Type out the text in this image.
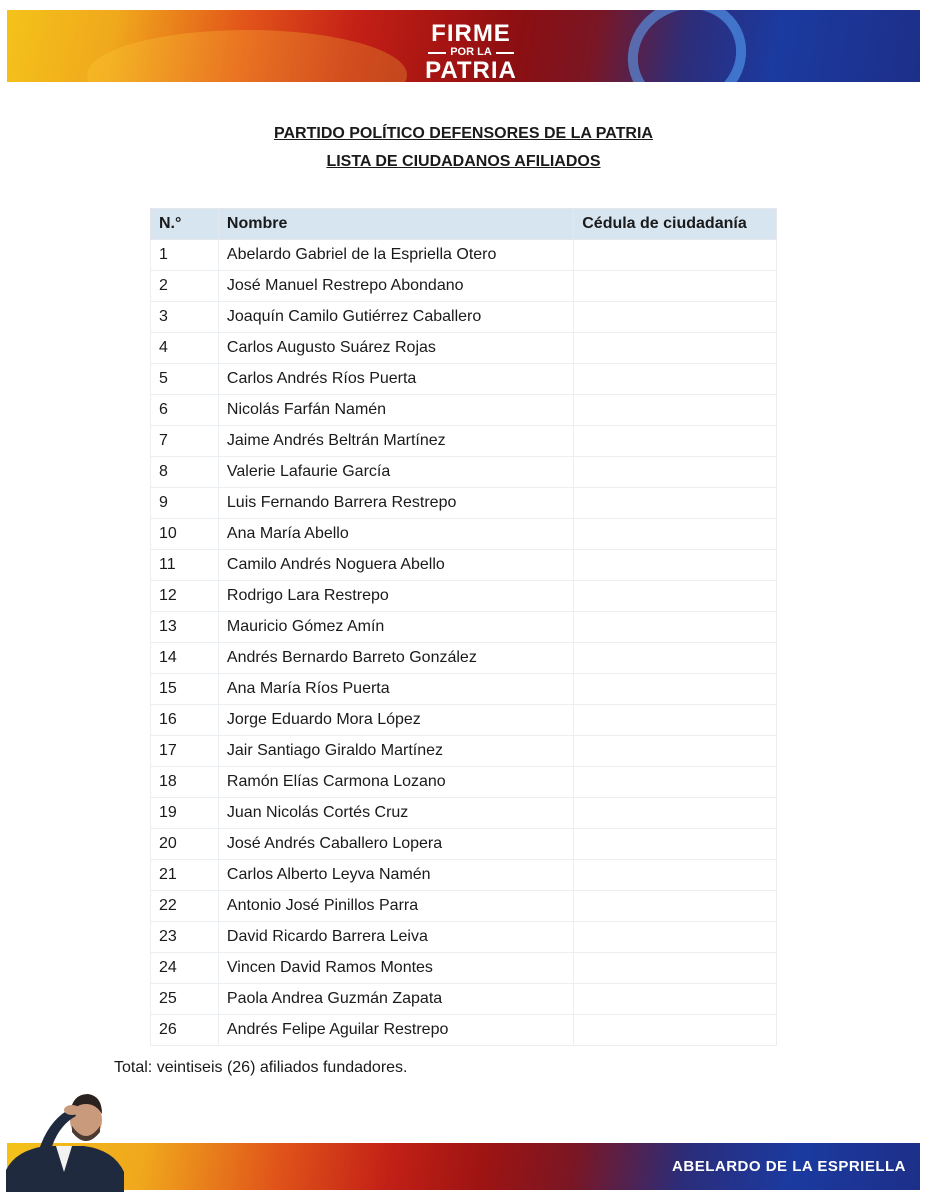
FIRME
POR LA
PATRIA
PARTIDO POLÍTICO DEFENSORES DE LA PATRIA
LISTA DE CIUDADANOS AFILIADOS
N.°	Nombre	Cédula de ciudadanía
1	Abelardo Gabriel de la Espriella Otero	
2	José Manuel Restrepo Abondano	
3	Joaquín Camilo Gutiérrez Caballero	
4	Carlos Augusto Suárez Rojas	
5	Carlos Andrés Ríos Puerta	
6	Nicolás Farfán Namén	
7	Jaime Andrés Beltrán Martínez	
8	Valerie Lafaurie García	
9	Luis Fernando Barrera Restrepo	
10	Ana María Abello	
11	Camilo Andrés Noguera Abello	
12	Rodrigo Lara Restrepo	
13	Mauricio Gómez Amín	
14	Andrés Bernardo Barreto González	
15	Ana María Ríos Puerta	
16	Jorge Eduardo Mora López	
17	Jair Santiago Giraldo Martínez	
18	Ramón Elías Carmona Lozano	
19	Juan Nicolás Cortés Cruz	
20	José Andrés Caballero Lopera	
21	Carlos Alberto Leyva Namén	
22	Antonio José Pinillos Parra	
23	David Ricardo Barrera Leiva	
24	Vincen David Ramos Montes	
25	Paola Andrea Guzmán Zapata	
26	Andrés Felipe Aguilar Restrepo	
Total: veintiseis (26) afiliados fundadores.
ABELARDO DE LA ESPRIELLA
